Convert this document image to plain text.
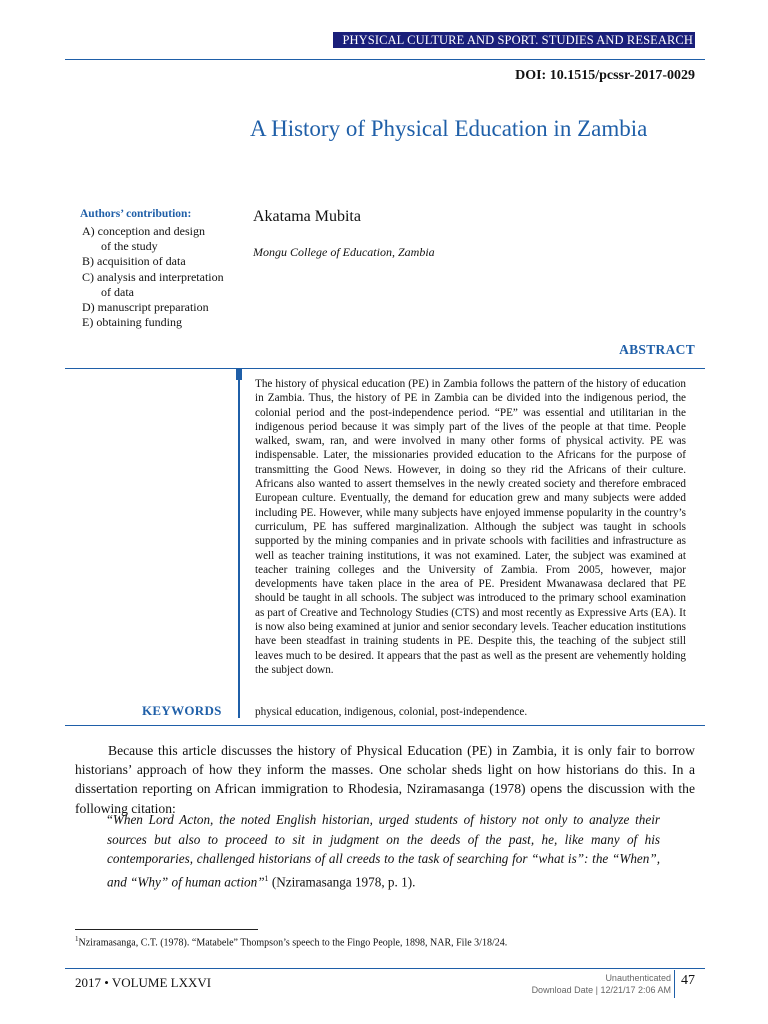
PHYSICAL CULTURE AND SPORT. STUDIES AND RESEARCH
DOI: 10.1515/pcssr-2017-0029
A History of Physical Education in Zambia
Authors’ contribution:
A) conception and design
of the study
B) acquisition of data
C) analysis and interpretation
of data
D) manuscript preparation
E) obtaining funding
Akatama Mubita
Mongu College of Education, Zambia
ABSTRACT
The history of physical education (PE) in Zambia follows the pattern of the history of education in Zambia. Thus, the history of PE in Zambia can be divided into the indigenous period, the colonial period and the post-independence period. “PE” was essential and utilitarian in the indigenous period because it was simply part of the lives of the people at that time. People walked, swam, ran, and were involved in many other forms of physical activity. PE was indispensable. Later, the missionaries provided education to the Africans for the purpose of transmitting the Good News. However, in doing so they rid the Africans of their culture. Africans also wanted to assert themselves in the newly created society and therefore embraced European culture. Eventually, the demand for education grew and many subjects were added including PE. However, while many subjects have enjoyed immense popularity in the country’s curriculum, PE has suffered marginalization. Although the subject was taught in schools supported by the mining companies and in private schools with facilities and infrastructure as well as teacher training institutions, it was not examined. Later, the subject was examined at teacher training colleges and the University of Zambia. From 2005, however, major developments have taken place in the area of PE. President Mwanawasa declared that PE should be taught in all schools. The subject was introduced to the primary school examination as part of Creative and Technology Studies (CTS) and most recently as Expressive Arts (EA). It is now also being examined at junior and senior secondary levels. Teacher education institutions have been steadfast in training students in PE. Despite this, the teaching of the subject still leaves much to be desired. It appears that the past as well as the present are vehemently holding the subject down.
KEYWORDS	physical education, indigenous, colonial, post-independence.

Because this article discusses the history of Physical Education (PE) in Zambia, it is only fair to borrow historians’ approach of how they inform the masses. One scholar sheds light on how historians do this. In a dissertation reporting on African immigration to Rhodesia, Nziramasanga (1978) opens the discussion with the following citation:

“When Lord Acton, the noted English historian, urged students of history not only to analyze their sources but also to proceed to sit in judgment on the deeds of the past, he, like many of his contemporaries, challenged historians of all creeds to the task of searching for “what is”: the “When”, and “Why” of human action”$^1$ (Nziramasanga 1978, p. 1).

$^1$Nziramasanga, C.T. (1978). “Matabele” Thompson’s speech to the Fingo People, 1898, NAR, File 3/18/24.
2017 • VOLUME LXXVI	Unauthenticated
Download Date | 12/21/17 2:06 AM
47
